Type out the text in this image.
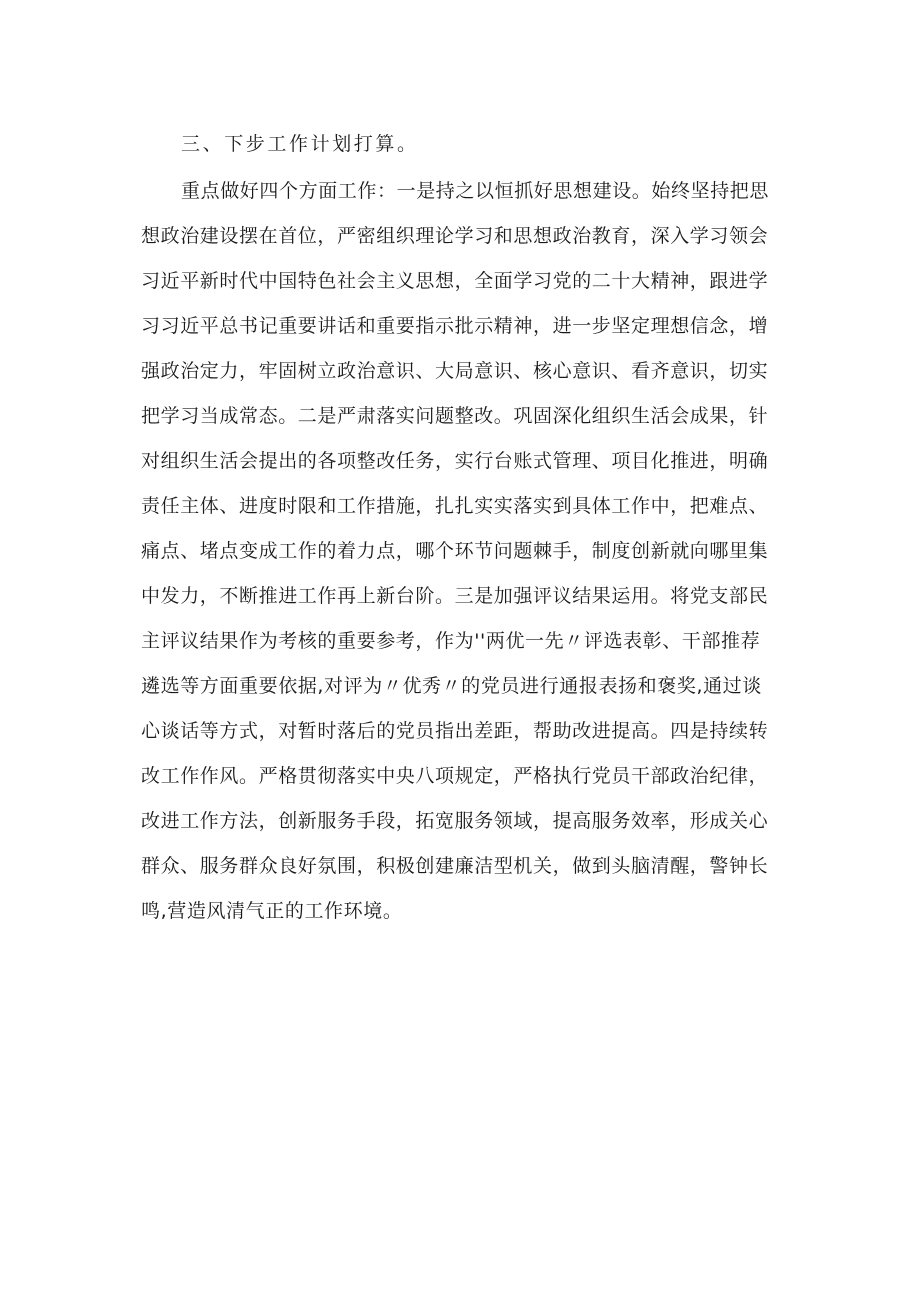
三、下步工作计划打算。

重点做好四个方面工作：一是持之以恒抓好思想建设。始终坚持把思

想政治建设摆在首位，严密组织理论学习和思想政治教育，深入学习领会

习近平新时代中国特色社会主义思想，全面学习党的二十大精神，跟进学

习习近平总书记重要讲话和重要指示批示精神，进一步坚定理想信念，增

强政治定力，牢固树立政治意识、大局意识、核心意识、看齐意识，切实

把学习当成常态。二是严肃落实问题整改。巩固深化组织生活会成果，针

对组织生活会提出的各项整改任务，实行台账式管理、项目化推进，明确

责任主体、进度时限和工作措施，扎扎实实落实到具体工作中，把难点、

痛点、堵点变成工作的着力点，哪个环节问题棘手，制度创新就向哪里集

中发力，不断推进工作再上新台阶。三是加强评议结果运用。将党支部民

主评议结果作为考核的重要参考，作为''两优一先〃评选表彰、干部推荐

遴选等方面重要依据,对评为〃优秀〃的党员进行通报表扬和褒奖,通过谈

心谈话等方式，对暂时落后的党员指出差距，帮助改进提高。四是持续转

改工作作风。严格贯彻落实中央八项规定，严格执行党员干部政治纪律，

改进工作方法，创新服务手段，拓宽服务领域，提高服务效率，形成关心

群众、服务群众良好氛围，积极创建廉洁型机关，做到头脑清醒，警钟长

鸣,营造风清气正的工作环境。
